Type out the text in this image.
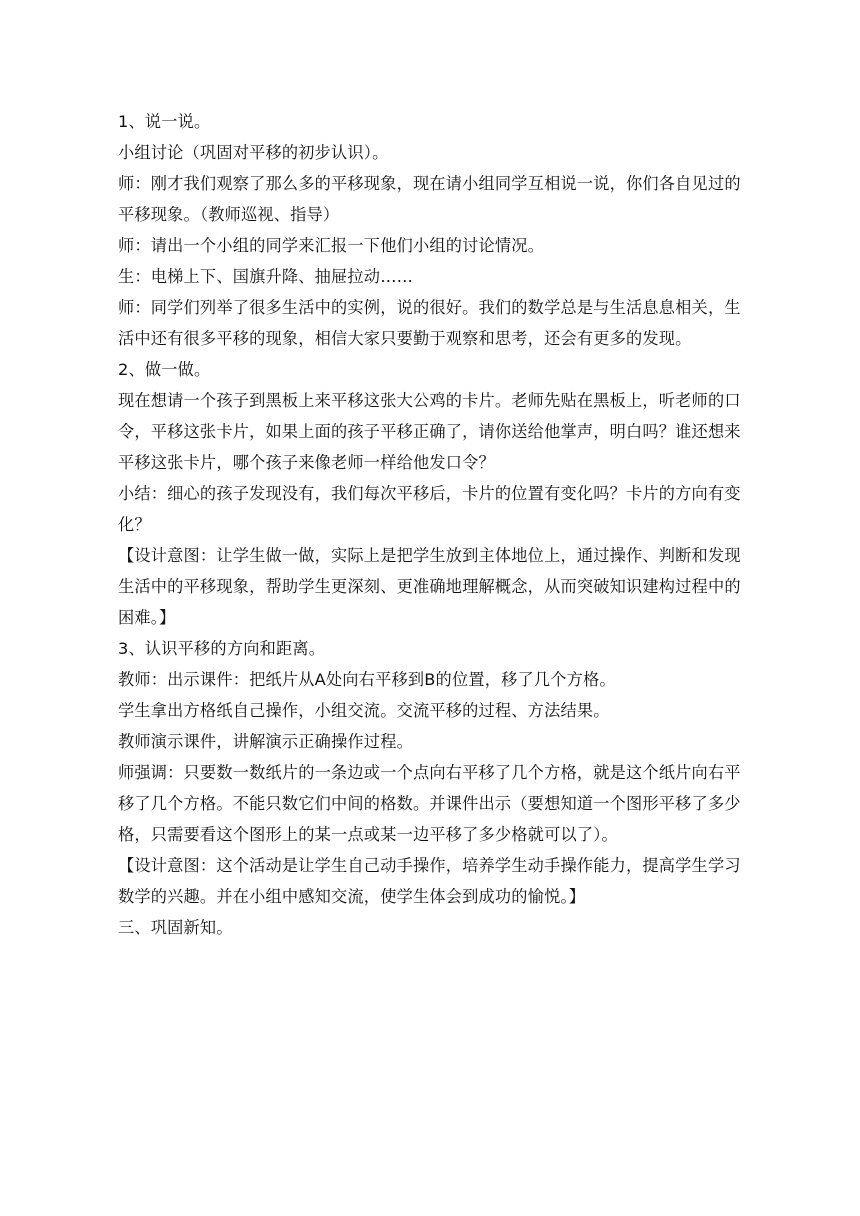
1、说一说。

小组讨论（巩固对平移的初步认识）。

师：刚才我们观察了那么多的平移现象，现在请小组同学互相说一说，你们各自见过的平移现象。（教师巡视、指导）

师：请出一个小组的同学来汇报一下他们小组的讨论情况。

生：电梯上下、国旗升降、抽屉拉动……

师：同学们列举了很多生活中的实例，说的很好。我们的数学总是与生活息息相关，生活中还有很多平移的现象，相信大家只要勤于观察和思考，还会有更多的发现。

2、做一做。

现在想请一个孩子到黑板上来平移这张大公鸡的卡片。老师先贴在黑板上，听老师的口令，平移这张卡片，如果上面的孩子平移正确了，请你送给他掌声，明白吗？谁还想来平移这张卡片，哪个孩子来像老师一样给他发口令？

小结：细心的孩子发现没有，我们每次平移后，卡片的位置有变化吗？卡片的方向有变化？

【设计意图：让学生做一做，实际上是把学生放到主体地位上，通过操作、判断和发现生活中的平移现象，帮助学生更深刻、更准确地理解概念，从而突破知识建构过程中的困难。】

3、认识平移的方向和距离。

教师：出示课件：把纸片从A处向右平移到B的位置，移了几个方格。

学生拿出方格纸自己操作，小组交流。交流平移的过程、方法结果。

教师演示课件，讲解演示正确操作过程。

师强调：只要数一数纸片的一条边或一个点向右平移了几个方格，就是这个纸片向右平移了几个方格。不能只数它们中间的格数。并课件出示（要想知道一个图形平移了多少格，只需要看这个图形上的某一点或某一边平移了多少格就可以了）。

【设计意图：这个活动是让学生自己动手操作，培养学生动手操作能力，提高学生学习数学的兴趣。并在小组中感知交流，使学生体会到成功的愉悦。】

三、巩固新知。
